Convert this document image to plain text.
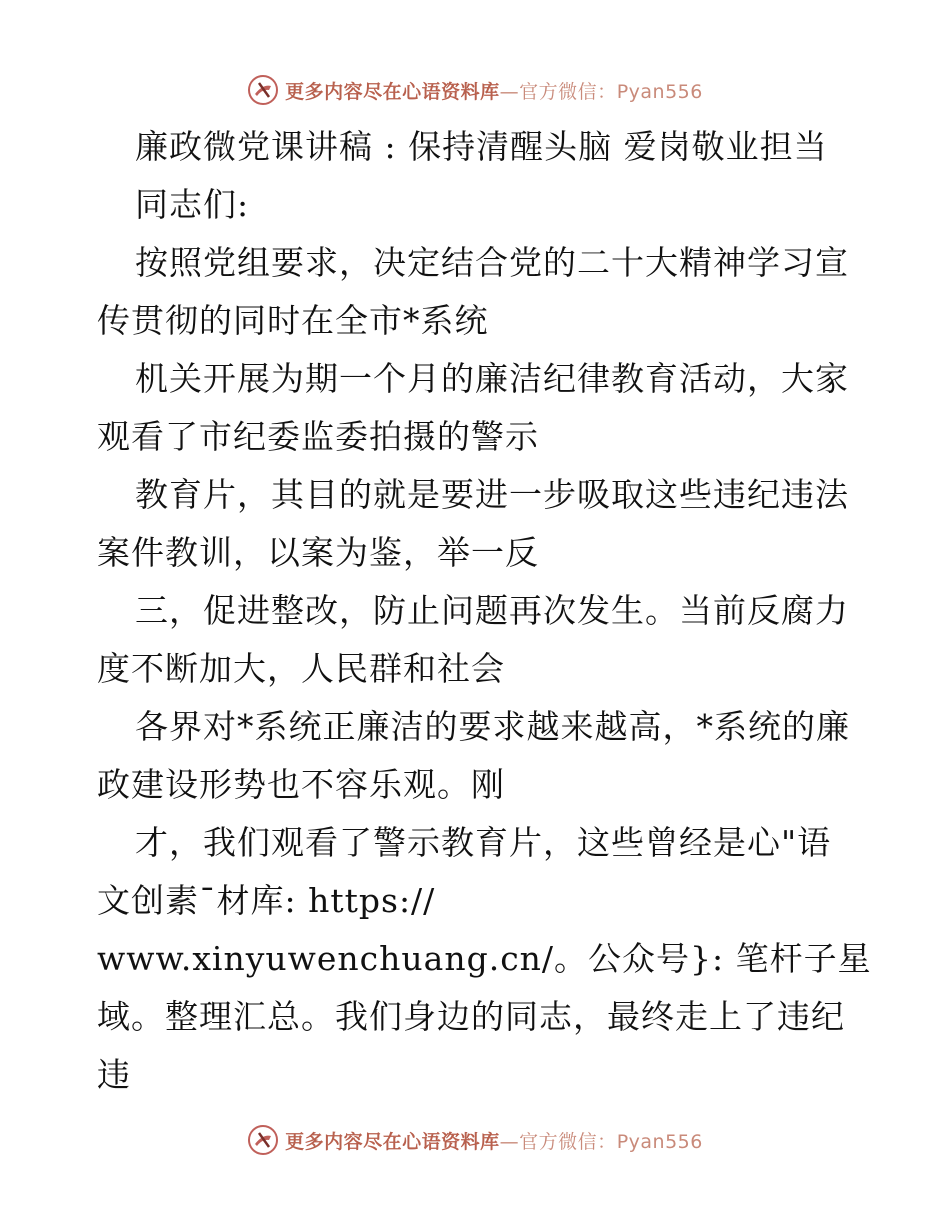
更多内容尽在心语资料库—官方微信：Pyan556
廉政微党课讲稿 : 保持清醒头脑 爱岗敬业担当
同志们:
按照党组要求，决定结合党的二十大精神学习宣
传贯彻的同时在全市*系统
机关开展为期一个月的廉洁纪律教育活动，大家
观看了市纪委监委拍摄的警示
教育片，其目的就是要进一步吸取这些违纪违法
案件教训，以案为鉴，举一反
三，促进整改，防止问题再次发生。当前反腐力
度不断加大，人民群和社会
各界对*系统正廉洁的要求越来越高，*系统的廉
政建设形势也不容乐观。刚
才，我们观看了警示教育片，这些曾经是心"语
文创素¯材库: https://
www.xinyuwenchuang.cn/。公众号}: 笔杆子星
域。整理汇总。我们身边的同志，最终走上了违纪
违
更多内容尽在心语资料库—官方微信：Pyan556
